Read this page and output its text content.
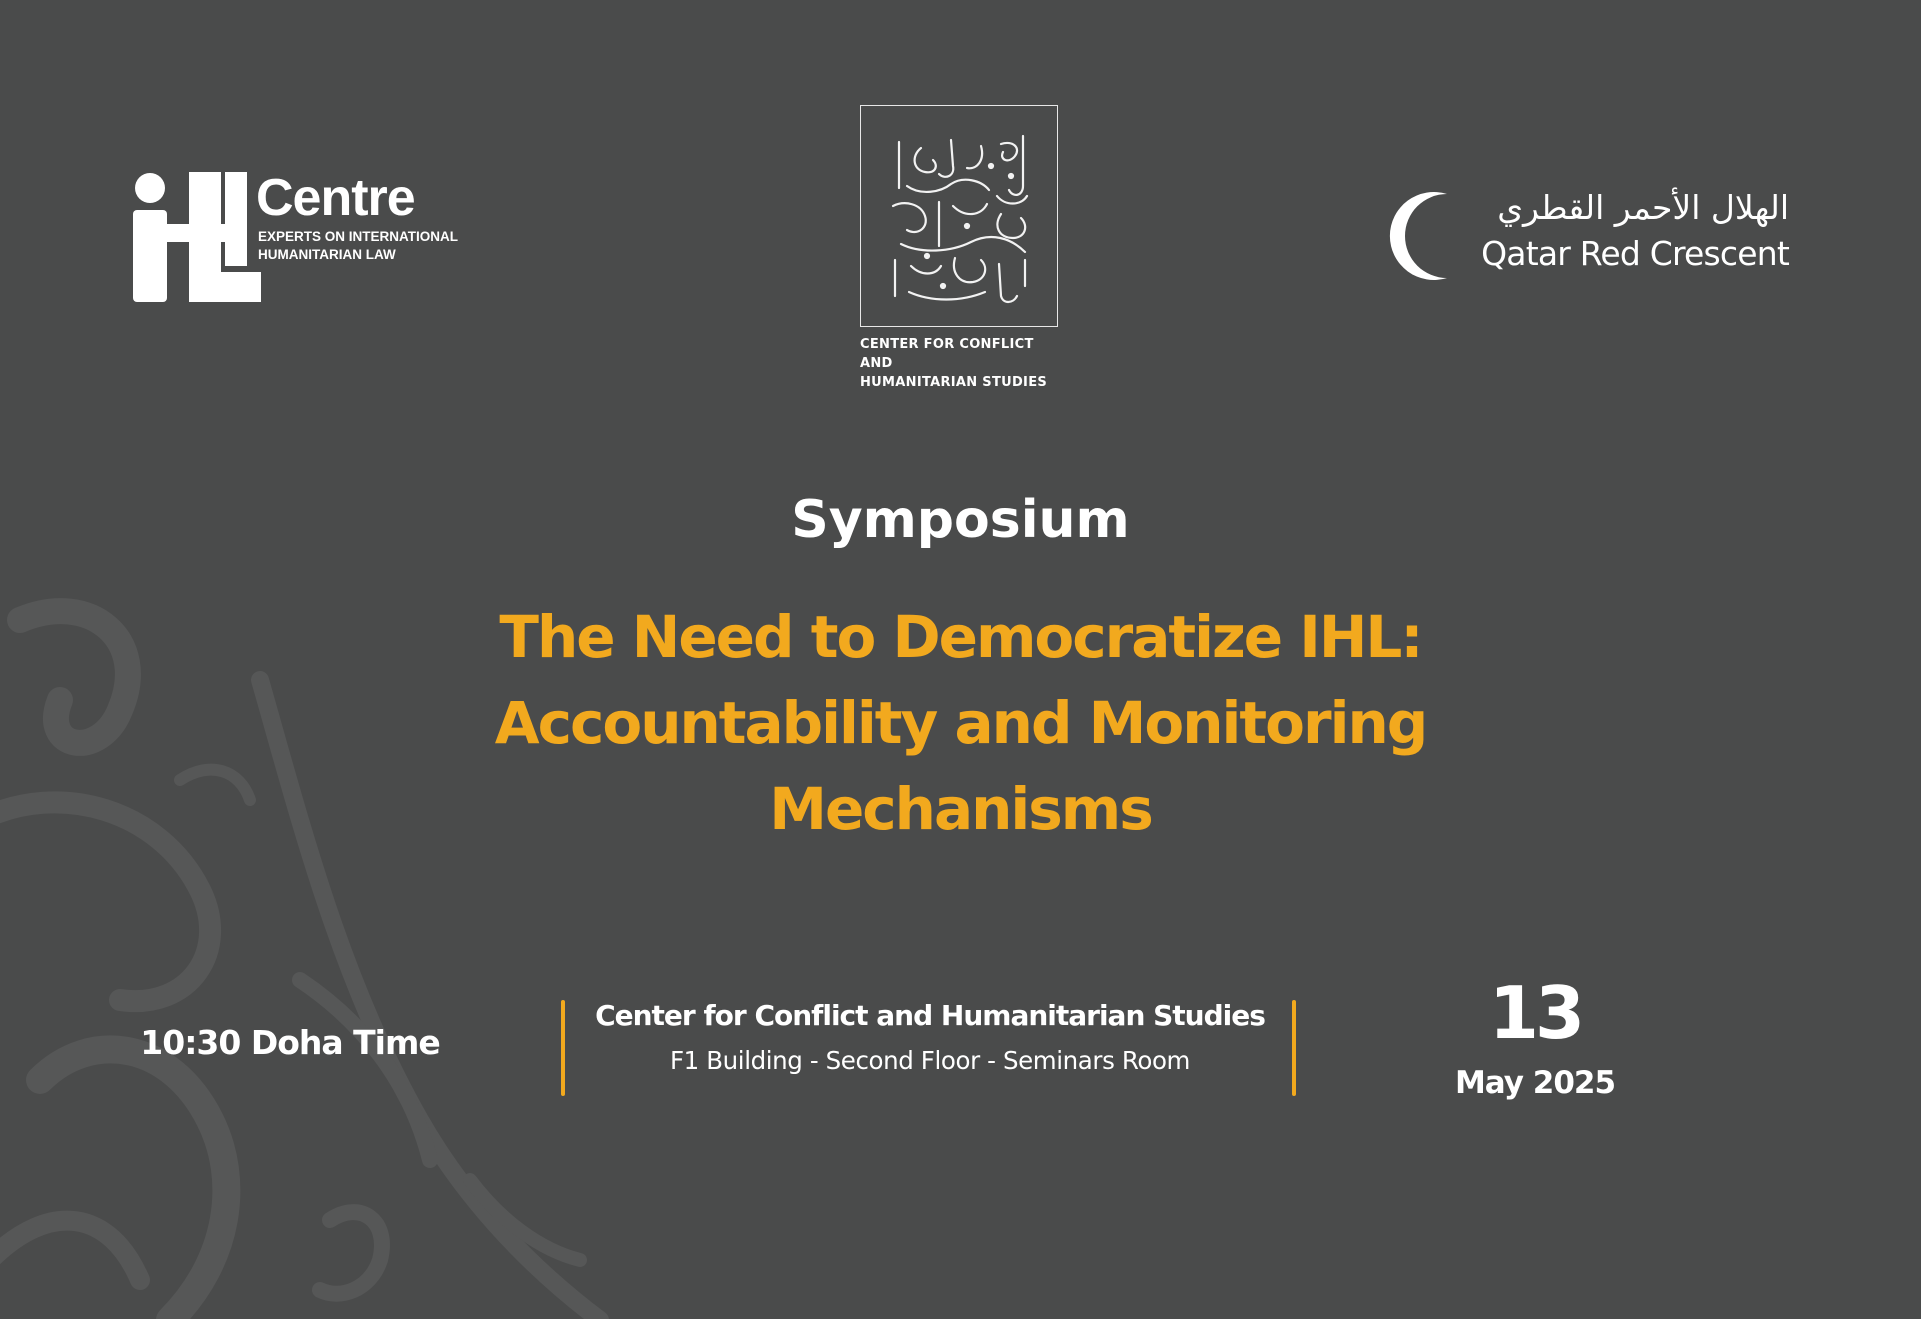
Centre
EXPERTS ON INTERNATIONAL
HUMANITARIAN LAW
CENTER FOR CONFLICT AND
HUMANITARIAN STUDIES
الهلال الأحمر القطري
Qatar Red Crescent
Symposium
The Need to Democratize IHL:
Accountability and Monitoring
Mechanisms
10:30 Doha Time
Center for Conflict and Humanitarian Studies
F1 Building - Second Floor - Seminars Room
13
May 2025
